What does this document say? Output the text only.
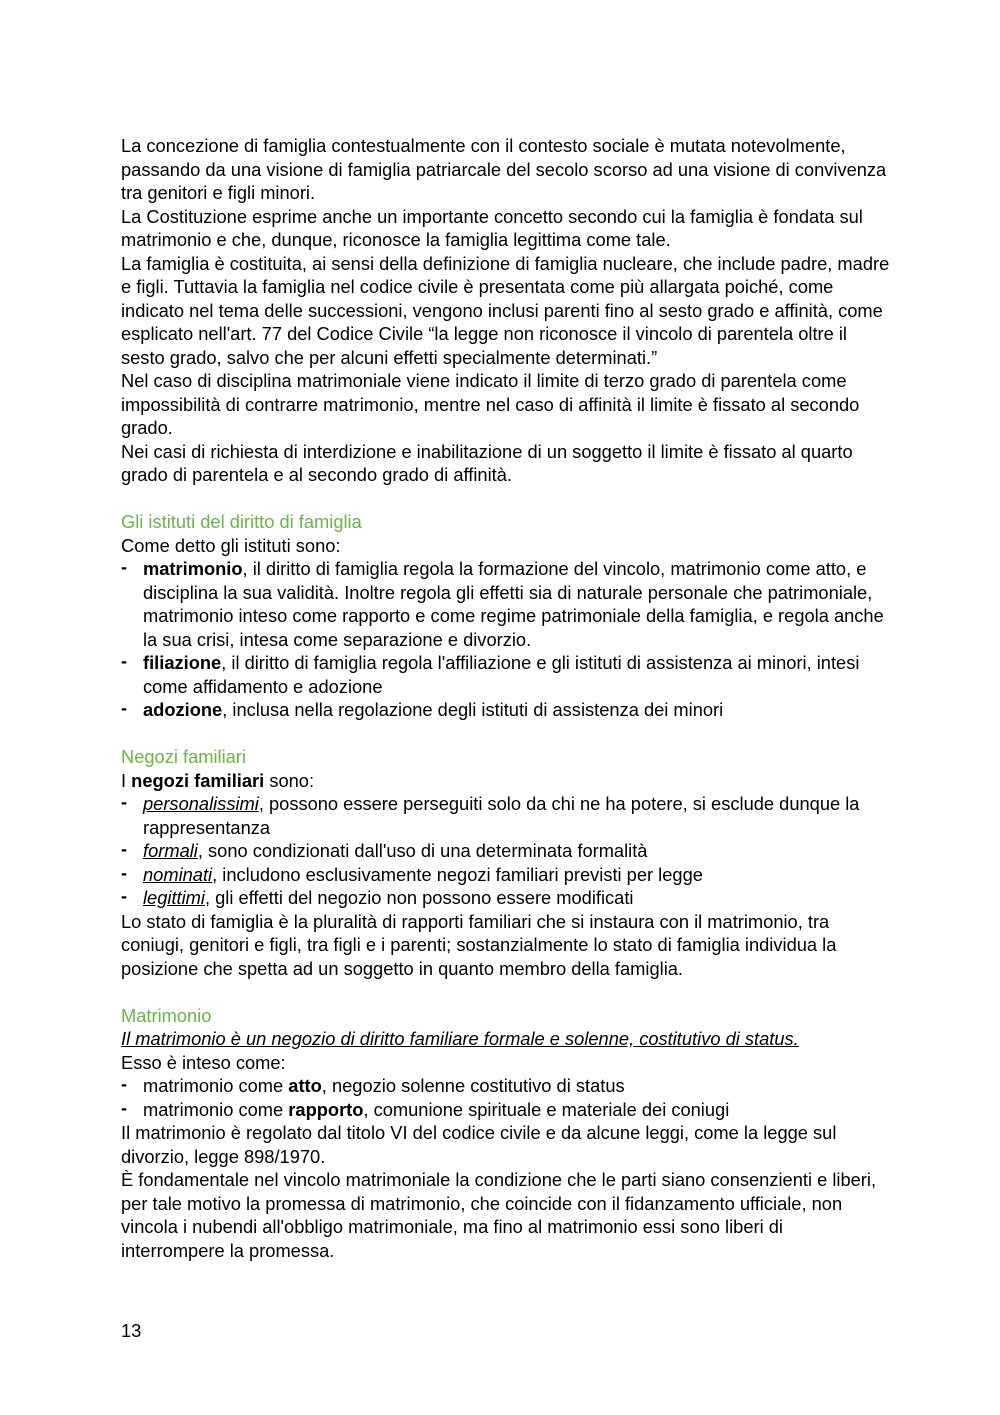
La concezione di famiglia contestualmente con il contesto sociale è mutata notevolmente, passando da una visione di famiglia patriarcale del secolo scorso ad una visione di convivenza tra genitori e figli minori.

La Costituzione esprime anche un importante concetto secondo cui la famiglia è fondata sul matrimonio e che, dunque, riconosce la famiglia legittima come tale.

La famiglia è costituita, ai sensi della definizione di famiglia nucleare, che include padre, madre e figli. Tuttavia la famiglia nel codice civile è presentata come più allargata poiché, come indicato nel tema delle successioni, vengono inclusi parenti fino al sesto grado e affinità, come esplicato nell'art. 77 del Codice Civile “la legge non riconosce il vincolo di parentela oltre il sesto grado, salvo che per alcuni effetti specialmente determinati.”

Nel caso di disciplina matrimoniale viene indicato il limite di terzo grado di parentela come impossibilità di contrarre matrimonio, mentre nel caso di affinità il limite è fissato al secondo grado.

Nei casi di richiesta di interdizione e inabilitazione di un soggetto il limite è fissato al quarto grado di parentela e al secondo grado di affinità.

Gli istituti del diritto di famiglia

Come detto gli istituti sono:

- matrimonio, il diritto di famiglia regola la formazione del vincolo, matrimonio come atto, e disciplina la sua validità. Inoltre regola gli effetti sia di naturale personale che patrimoniale, matrimonio inteso come rapporto e come regime patrimoniale della famiglia, e regola anche la sua crisi, intesa come separazione e divorzio.
- filiazione, il diritto di famiglia regola l'affiliazione e gli istituti di assistenza ai minori, intesi come affidamento e adozione
- adozione, inclusa nella regolazione degli istituti di assistenza dei minori

Negozi familiari

I negozi familiari sono:

- personalissimi, possono essere perseguiti solo da chi ne ha potere, si esclude dunque la rappresentanza
- formali, sono condizionati dall'uso di una determinata formalità
- nominati, includono esclusivamente negozi familiari previsti per legge
- legittimi, gli effetti del negozio non possono essere modificati

Lo stato di famiglia è la pluralità di rapporti familiari che si instaura con il matrimonio, tra coniugi, genitori e figli, tra figli e i parenti; sostanzialmente lo stato di famiglia individua la posizione che spetta ad un soggetto in quanto membro della famiglia.

Matrimonio

Il matrimonio è un negozio di diritto familiare formale e solenne, costitutivo di status.

Esso è inteso come:

- matrimonio come atto, negozio solenne costitutivo di status
- matrimonio come rapporto, comunione spirituale e materiale dei coniugi

Il matrimonio è regolato dal titolo VI del codice civile e da alcune leggi, come la legge sul divorzio, legge 898/1970.

È fondamentale nel vincolo matrimoniale la condizione che le parti siano consenzienti e liberi, per tale motivo la promessa di matrimonio, che coincide con il fidanzamento ufficiale, non vincola i nubendi all'obbligo matrimoniale, ma fino al matrimonio essi sono liberi di interrompere la promessa.

13
